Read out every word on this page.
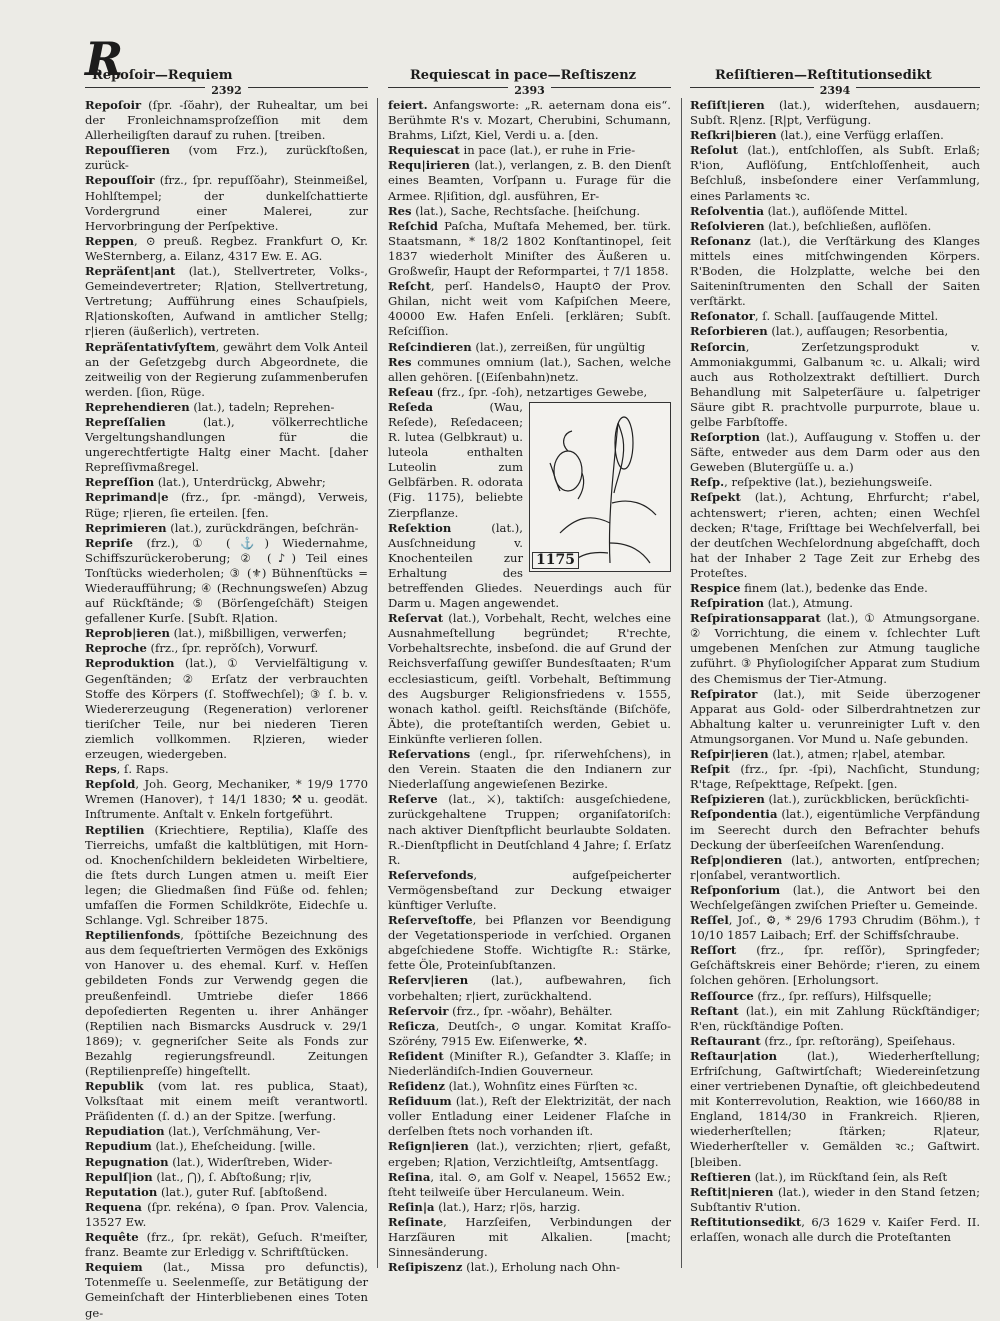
R
Repoſoir—Requiem	Requiescat in pace—Reſtiszenz	Reſiſtieren—Reſtitutionsedikt
$^{2392}$	$^{2393}$	$^{2394}$

Repoſoir (ſpr. ‑ſŏahr), der Ruhealtar, um bei der Fronleichnamsproſzeſſion mit dem Allerheiligſten darauf zu ruhen. [treiben.

Repouſſieren (vom Frz.), zurückſtoßen, zurück-

Repouſſoir (frz., ſpr. repuſſŏahr), Steinmeißel, Hohlſtempel; der dunkelſchattierte Vordergrund einer Malerei, zur Hervorbringung der Perſpektive.

Reppen, ⊙ preuß. Regbez. Frankfurt O, Kr. WeSternberg, a. Eilanz, 4317 Ew. E. AG.

Repräſent|ant (lat.), Stellvertreter, Volks-, Gemeindevertreter; R|ation, Stellvertretung, Vertretung; Aufführung eines Schauſpiels, R|ationskoſten, Aufwand in amtlicher Stellg; r|ieren (äußerlich), vertreten.

Repräſentativſyſtem, gewährt dem Volk Anteil an der Geſetzgebg durch Abgeordnete, die zeitweilig von der Regierung zuſammenberufen werden. [ſion, Rüge.

Reprehendieren (lat.), tadeln; Reprehen-

Repreſſalien (lat.), völkerrechtliche Vergeltungshandlungen für die ungerechtfertigte Haltg einer Macht. [daher Repreſſivmaßregel.

Repreſſion (lat.), Unterdrückg, Abwehr;

Reprimand|e (frz., ſpr. ‑mängd), Verweis, Rüge; r|ieren, ſie erteilen. [fen.

Reprimieren (lat.), zurückdrängen, beſchrän-

Repriſe (frz.), ① (⚓) Wiedernahme, Schiffszurückeroberung; ② (♪) Teil eines Tonſtücks wiederholen; ③ (⚜) Bühnenſtücks = Wiederaufführung; ④ (Rechnungsweſen) Abzug auf Rückſtände; ⑤ (Börſengeſchäft) Steigen gefallener Kurſe. [Subſt. R|ation.

Reprob|ieren (lat.), mißbilligen, verwerfen;

Reproche (frz., ſpr. reprŏſch), Vorwurf.

Reproduktion (lat.), ① Vervielfältigung v. Gegenſtänden; ② Erſatz der verbrauchten Stoffe des Körpers (ſ. Stoffwechſel); ③ ſ. b. v. Wiedererzeugung (Regeneration) verlorener tieriſcher Teile, nur bei niederen Tieren ziemlich vollkommen. R|zieren, wieder erzeugen, wiedergeben.

Reps, ſ. Raps.

Repſold, Joh. Georg, Mechaniker, * 19/9 1770 Wremen (Hanover), † 14/1 1830; ⚒ u. geodät. Inſtrumente. Anſtalt v. Enkeln fortgeführt.

Reptilien (Kriechtiere, Reptilia), Klaſſe des Tierreichs, umfaßt die kaltblütigen, mit Horn- od. Knochenſchildern bekleideten Wirbeltiere, die ſtets durch Lungen atmen u. meiſt Eier legen; die Gliedmaßen ſind Füße od. fehlen; umfaſſen die Formen Schildkröte, Eidechſe u. Schlange. Vgl. Schreiber 1875.

Reptilienfonds, ſpöttiſche Bezeichnung des aus dem ſequeſtrierten Vermögen des Exkönigs von Hanover u. des ehemal. Kurf. v. Heſſen gebildeten Fonds zur Verwendg gegen die preußenfeindl. Umtriebe dieſer 1866 depoſedierten Regenten u. ihrer Anhänger (Reptilien nach Bismarcks Ausdruck v. 29/1 1869); v. gegneriſcher Seite als Fonds zur Bezahlg regierungsfreundl. Zeitungen (Reptilienpreſſe) hingeſtellt.

Republik (vom lat. res publica, Staat), Volksſtaat mit einem meiſt verantwortl. Präſidenten (ſ. d.) an der Spitze. [werfung.

Repudiation (lat.), Verſchmähung, Ver-

Repudium (lat.), Eheſcheidung. [wille.

Repugnation (lat.), Widerſtreben, Wider-

Repulſ|ion (lat., ⋂), ſ. Abſtoßung; r|iv,

Reputation (lat.), guter Ruf. [abſtoßend.

Requena (ſpr. rekéna), ⊙ ſpan. Prov. Valencia, 13527 Ew.

Requête (frz., ſpr. rekät), Geſuch. R'meiſter, franz. Beamte zur Erledigg v. Schriftſtücken.

Requiem (lat., Missa pro defunctis), Totenmeſſe u. Seelenmeſſe, zur Betätigung der Gemeinſchaft der Hinterbliebenen eines Toten ge-

feiert. Anfangsworte: „R. aeternam dona eis“. Berühmte R's v. Mozart, Cherubini, Schumann, Brahms, Liſzt, Kiel, Verdi u. a. [den.

Requiescat in pace (lat.), er ruhe in Frie-

Requ|irieren (lat.), verlangen, z. B. den Dienſt eines Beamten, Vorſpann u. Furage für die Armee. R|iſition, dgl. ausführen, Er-

Res (lat.), Sache, Rechtsſache. [heiſchung.

Reſchid Paſcha, Muſtafa Mehemed, ber. türk. Staatsmann, * 18/2 1802 Konſtantinopel, ſeit 1837 wiederholt Miniſter des Äußeren u. Großweſir, Haupt der Reformpartei, † 7/1 1858.

Reſcht, perſ. Handels⊙, Haupt⊙ der Prov. Ghilan, nicht weit vom Kaſpiſchen Meere, 40000 Ew. Hafen Enſeli. [erklären; Subſt. Reſciſſion.

Reſcindieren (lat.), zerreißen, für ungültig

Res communes omnium (lat.), Sachen, welche allen gehören. [(Eiſenbahn)netz.

Reſeau (frz., ſpr. ‑ſoh), netzartiges Gewebe,

1175

Reſeda (Wau, Reſede), Reſedaceen; R. lutea (Gelbkraut) u. luteola enthalten Luteolin zum Gelbfärben. R. odorata (Fig. 1175), beliebte Zierpflanze.

Reſektion (lat.), Ausſchneidung v. Knochenteilen zur Erhaltung des betreffenden Gliedes. Neuerdings auch für Darm u. Magen angewendet.

Reſervat (lat.), Vorbehalt, Recht, welches eine Ausnahmeſtellung begründet; R'rechte, Vorbehaltsrechte, insbeſond. die auf Grund der Reichsverfaſſung gewiſſer Bundesſtaaten; R'um ecclesiasticum, geiſtl. Vorbehalt, Beſtimmung des Augsburger Religionsfriedens v. 1555, wonach kathol. geiſtl. Reichsſtände (Biſchöfe, Äbte), die proteſtantiſch werden, Gebiet u. Einkünfte verlieren ſollen.

Reſervations (engl., ſpr. riſerwehſchens), in den Verein. Staaten die den Indianern zur Niederlaſſung angewieſenen Bezirke.

Reſerve (lat., ⚔), taktiſch: ausgeſchiedene, zurückgehaltene Truppen; organiſatoriſch: nach aktiver Dienſtpflicht beurlaubte Soldaten. R.-Dienſtpflicht in Deutſchland 4 Jahre; ſ. Erſatz R.

Reſervefonds, aufgeſpeicherter Vermögensbeſtand zur Deckung etwaiger künftiger Verluſte.

Reſerveſtoffe, bei Pflanzen vor Beendigung der Vegetationsperiode in verſchied. Organen abgeſchiedene Stoffe. Wichtigſte R.: Stärke, fette Öle, Proteinſubſtanzen.

Reſerv|ieren (lat.), aufbewahren, ſich vorbehalten; r|iert, zurückhaltend.

Reſervoir (frz., ſpr. ‑wŏahr), Behälter.

Reſicza, Deutſch‑, ⊙ ungar. Komitat Kraſſo-Szörény, 7915 Ew. Eiſenwerke, ⚒.

Reſident (Miniſter R.), Geſandter 3. Klaſſe; in Niederländiſch-Indien Gouverneur.

Reſidenz (lat.), Wohnſitz eines Fürſten ꝛc.

Reſiduum (lat.), Reſt der Elektrizität, der nach voller Entladung einer Leidener Flaſche in derſelben ſtets noch vorhanden iſt.

Reſign|ieren (lat.), verzichten; r|iert, gefaßt, ergeben; R|ation, Verzichtleiſtg, Amtsentſagg.

Reſina, ital. ⊙, am Golf v. Neapel, 15652 Ew.; ſteht teilweiſe über Herculaneum. Wein.

Reſin|a (lat.), Harz; r|ös, harzig.

Reſinate, Harzſeifen, Verbindungen der Harzſäuren mit Alkalien. [macht; Sinnesänderung.

Reſipiszenz (lat.), Erholung nach Ohn-

Reſiſt|ieren (lat.), widerſtehen, ausdauern; Subſt. R|enz. [R|pt, Verfügung.

Reſkri|bieren (lat.), eine Verfügg erlaſſen.

Reſolut (lat.), entſchloſſen, als Subſt. Erlaß; R'ion, Auflöſung, Entſchloſſenheit, auch Beſchluß, insbeſondere einer Verſammlung, eines Parlaments ꝛc.

Reſolventia (lat.), auflöſende Mittel.

Reſolvieren (lat.), beſchließen, auflöſen.

Reſonanz (lat.), die Verſtärkung des Klanges mittels eines mitſchwingenden Körpers. R'Boden, die Holzplatte, welche bei den Saiteninſtrumenten den Schall der Saiten verſtärkt.

Reſonator, ſ. Schall. [auſſaugende Mittel.

Reſorbieren (lat.), aufſaugen; Resorbentia,

Reſorcin, Zerſetzungsprodukt v. Ammoniakgummi, Galbanum ꝛc. u. Alkali; wird auch aus Rotholzextrakt deſtilliert. Durch Behandlung mit Salpeterſäure u. ſalpetriger Säure gibt R. prachtvolle purpurrote, blaue u. gelbe Farbſtoffe.

Reſorption (lat.), Aufſaugung v. Stoffen u. der Säfte, entweder aus dem Darm oder aus den Geweben (Blutergüſſe u. a.)

Reſp., reſpektive (lat.), beziehungsweiſe.

Reſpekt (lat.), Achtung, Ehrfurcht; r'abel, achtenswert; r'ieren, achten; einen Wechſel decken; R'tage, Friſttage bei Wechſelverfall, bei der deutſchen Wechſelordnung abgeſchafft, doch hat der Inhaber 2 Tage Zeit zur Erhebg des Proteſtes.

Respice finem (lat.), bedenke das Ende.

Reſpiration (lat.), Atmung.

Reſpirationsapparat (lat.), ① Atmungsorgane. ② Vorrichtung, die einem v. ſchlechter Luft umgebenen Menſchen zur Atmung taugliche zuführt. ③ Phyſiologiſcher Apparat zum Studium des Chemismus der Tier-Atmung.

Reſpirator (lat.), mit Seide überzogener Apparat aus Gold- oder Silberdrahtnetzen zur Abhaltung kalter u. verunreinigter Luft v. den Atmungsorganen. Vor Mund u. Naſe gebunden.

Reſpir|ieren (lat.), atmen; r|abel, atembar.

Reſpit (frz., ſpr. ‑ſpi), Nachſicht, Stundung; R'tage, Reſpekttage, Reſpekt. [gen.

Reſpizieren (lat.), zurückblicken, berückſichti-

Reſpondentia (lat.), eigentümliche Verpfändung im Seerecht durch den Befrachter behufs Deckung der überſeeiſchen Warenſendung.

Reſp|ondieren (lat.), antworten, entſprechen; r|onſabel, verantwortlich.

Reſponſorium (lat.), die Antwort bei den Wechſelgeſängen zwiſchen Prieſter u. Gemeinde.

Reſſel, Joſ., ⚙, * 29/6 1793 Chrudim (Böhm.), † 10/10 1857 Laibach; Erf. der Schiffsſchraube.

Reſſort (frz., ſpr. reſſŏr), Springfeder; Geſchäftskreis einer Behörde; r'ieren, zu einem ſolchen gehören. [Erholungsort.

Reſſource (frz., ſpr. reſſurs), Hilfsquelle;

Reſtant (lat.), ein mit Zahlung Rückſtändiger; R'en, rückſtändige Poſten.

Reſtaurant (frz., ſpr. reſtoräng), Speiſehaus.

Reſtaur|ation (lat.), Wiederherſtellung; Erfriſchung, Gaſtwirtſchaft; Wiedereinſetzung einer vertriebenen Dynaſtie, oft gleichbedeutend mit Konterrevolution, Reaktion, wie 1660/88 in England, 1814/30 in Frankreich. R|ieren, wiederherſtellen; ſtärken; R|ateur, Wiederherſteller v. Gemälden ꝛc.; Gaſtwirt. [bleiben.

Reſtieren (lat.), im Rückſtand ſein, als Reſt

Reſtit|nieren (lat.), wieder in den Stand ſetzen; Subſtantiv R'ution.

Reſtitutionsedikt, 6/3 1629 v. Kaiſer Ferd. II. erlaſſen, wonach alle durch die Proteſtanten
